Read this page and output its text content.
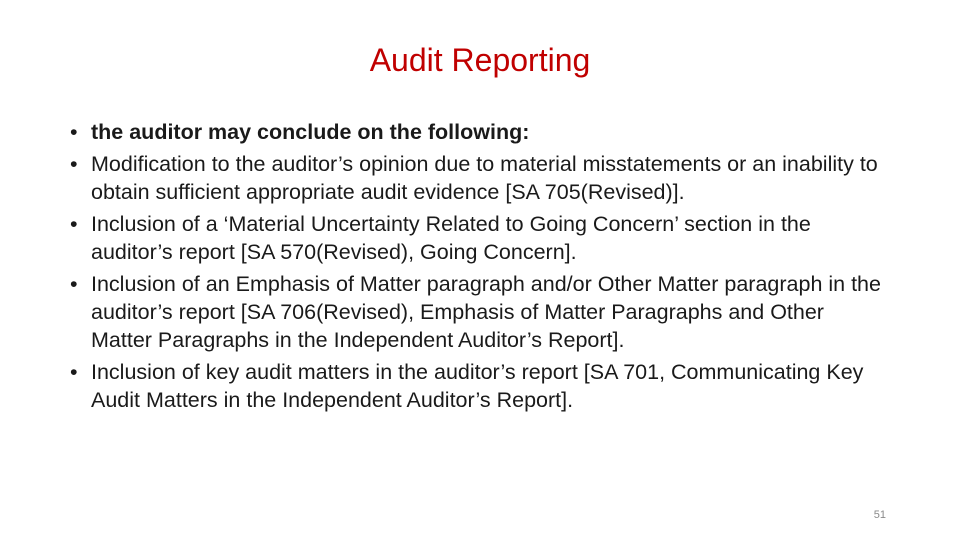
Audit Reporting
• the auditor may conclude on the following:
• Modification to the auditor’s opinion due to material misstatements or an inability to obtain sufficient appropriate audit evidence [SA 705(Revised)].
• Inclusion of a ‘Material Uncertainty Related to Going Concern’ section in the auditor’s report [SA 570(Revised), Going Concern].
• Inclusion of an Emphasis of Matter paragraph and/or Other Matter paragraph in the auditor’s report [SA 706(Revised), Emphasis of Matter Paragraphs and Other Matter Paragraphs in the Independent Auditor’s Report].
• Inclusion of key audit matters in the auditor’s report [SA 701, Communicating Key Audit Matters in the Independent Auditor’s Report].
51
